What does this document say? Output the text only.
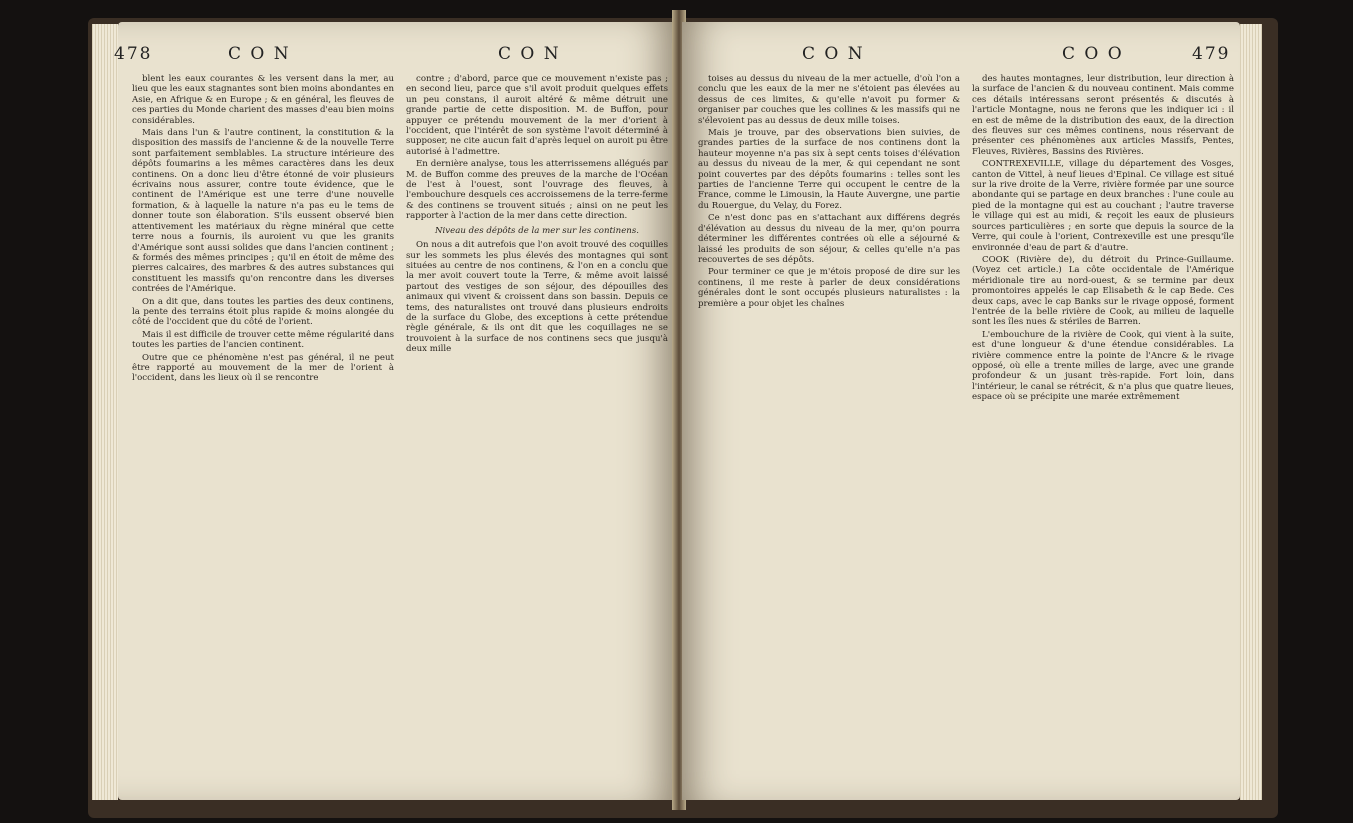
478	C O N	C O N

blent les eaux courantes & les versent dans la mer, au lieu que les eaux stagnantes sont bien moins abondantes en Asie, en Afrique & en Europe ; & en général, les fleuves de ces parties du Monde charient des masses d'eau bien moins considérables.

Mais dans l'un & l'autre continent, la constitution & la disposition des massifs de l'ancienne & de la nouvelle Terre sont parfaitement semblables. La structure intérieure des dépôts foumarins a les mêmes caractères dans les deux continens. On a donc lieu d'être étonné de voir plusieurs écrivains nous assurer, contre toute évidence, que le continent de l'Amérique est une terre d'une nouvelle formation, & à laquelle la nature n'a pas eu le tems de donner toute son élaboration. S'ils eussent observé bien attentivement les matériaux du règne minéral que cette terre nous a fournis, ils auroient vu que les granits d'Amérique sont aussi solides que dans l'ancien continent ; & formés des mêmes principes ; qu'il en étoit de même des pierres calcaires, des marbres & des autres substances qui constituent les massifs qu'on rencontre dans les diverses contrées de l'Amérique.

On a dit que, dans toutes les parties des deux continens, la pente des terrains étoit plus rapide & moins alongée du côté de l'occident que du côté de l'orient.

Mais il est difficile de trouver cette même régularité dans toutes les parties de l'ancien continent.

Outre que ce phénomène n'est pas général, il ne peut être rapporté au mouvement de la mer de l'orient à l'occident, dans les lieux où il se rencontre

contre ; d'abord, parce que ce mouvement n'existe pas ; en second lieu, parce que s'il avoit produit quelques effets un peu constans, il auroit altéré & même détruit une grande partie de cette disposition. M. de Buffon, pour appuyer ce prétendu mouvement de la mer d'orient à l'occident, que l'intérêt de son système l'avoit déterminé à supposer, ne cite aucun fait d'après lequel on auroit pu être autorisé à l'admettre.

En dernière analyse, tous les atterrissemens allégués par M. de Buffon comme des preuves de la marche de l'Océan de l'est à l'ouest, sont l'ouvrage des fleuves, à l'embouchure desquels ces accroissemens de la terre-ferme & des continens se trouvent situés ; ainsi on ne peut les rapporter à l'action de la mer dans cette direction.

Niveau des dépôts de la mer sur les continens.

On nous a dit autrefois que l'on avoit trouvé des coquilles sur les sommets les plus élevés des montagnes qui sont situées au centre de nos continens, & l'on en a conclu que la mer avoit couvert toute la Terre, & même avoit laissé partout des vestiges de son séjour, des dépouilles des animaux qui vivent & croissent dans son bassin. Depuis ce tems, des naturalistes ont trouvé dans plusieurs endroits de la surface du Globe, des exceptions à cette prétendue règle générale, & ils ont dit que les coquillages ne se trouvoient à la surface de nos continens secs que jusqu'à deux mille

C O N	C O O	479

toises au dessus du niveau de la mer actuelle, d'où l'on a conclu que les eaux de la mer ne s'étoient pas élevées au dessus de ces limites, & qu'elle n'avoit pu former & organiser par couches que les collines & les massifs qui ne s'élevoient pas au dessus de deux mille toises.

Mais je trouve, par des observations bien suivies, de grandes parties de la surface de nos continens dont la hauteur moyenne n'a pas six à sept cents toises d'élévation au dessus du niveau de la mer, & qui cependant ne sont point couvertes par des dépôts foumarins : telles sont les parties de l'ancienne Terre qui occupent le centre de la France, comme le Limousin, la Haute Auvergne, une partie du Rouergue, du Velay, du Forez.

Ce n'est donc pas en s'attachant aux différens degrés d'élévation au dessus du niveau de la mer, qu'on pourra déterminer les différentes contrées où elle a séjourné & laissé les produits de son séjour, & celles qu'elle n'a pas recouvertes de ses dépôts.

Pour terminer ce que je m'étois proposé de dire sur les continens, il me reste à parler de deux considérations générales dont le sont occupés plusieurs naturalistes : la première a pour objet les chaînes

des hautes montagnes, leur distribution, leur direction à la surface de l'ancien & du nouveau continent. Mais comme ces détails intéressans seront présentés & discutés à l'article Montagne, nous ne ferons que les indiquer ici : il en est de même de la distribution des eaux, de la direction des fleuves sur ces mêmes continens, nous réservant de présenter ces phénomènes aux articles Massifs, Pentes, Fleuves, Rivières, Bassins des Rivières.

CONTREXEVILLE, village du département des Vosges, canton de Vittel, à neuf lieues d'Epinal. Ce village est situé sur la rive droite de la Verre, rivière formée par une source abondante qui se partage en deux branches : l'une coule au pied de la montagne qui est au couchant ; l'autre traverse le village qui est au midi, & reçoit les eaux de plusieurs sources particulières ; en sorte que depuis la source de la Verre, qui coule à l'orient, Contrexeville est une presqu'île environnée d'eau de part & d'autre.

COOK (Rivière de), du détroit du Prince-Guillaume. (Voyez cet article.) La côte occidentale de l'Amérique méridionale tire au nord-ouest, & se termine par deux promontoires appelés le cap Elisabeth & le cap Bede. Ces deux caps, avec le cap Banks sur le rivage opposé, forment l'entrée de la belle rivière de Cook, au milieu de laquelle sont les îles nues & stériles de Barren.

L'embouchure de la rivière de Cook, qui vient à la suite, est d'une longueur & d'une étendue considérables. La rivière commence entre la pointe de l'Ancre & le rivage opposé, où elle a trente milles de large, avec une grande profondeur & un jusant très-rapide. Fort loin, dans l'intérieur, le canal se rétrécit, & n'a plus que quatre lieues, espace où se précipite une marée extrêmement
